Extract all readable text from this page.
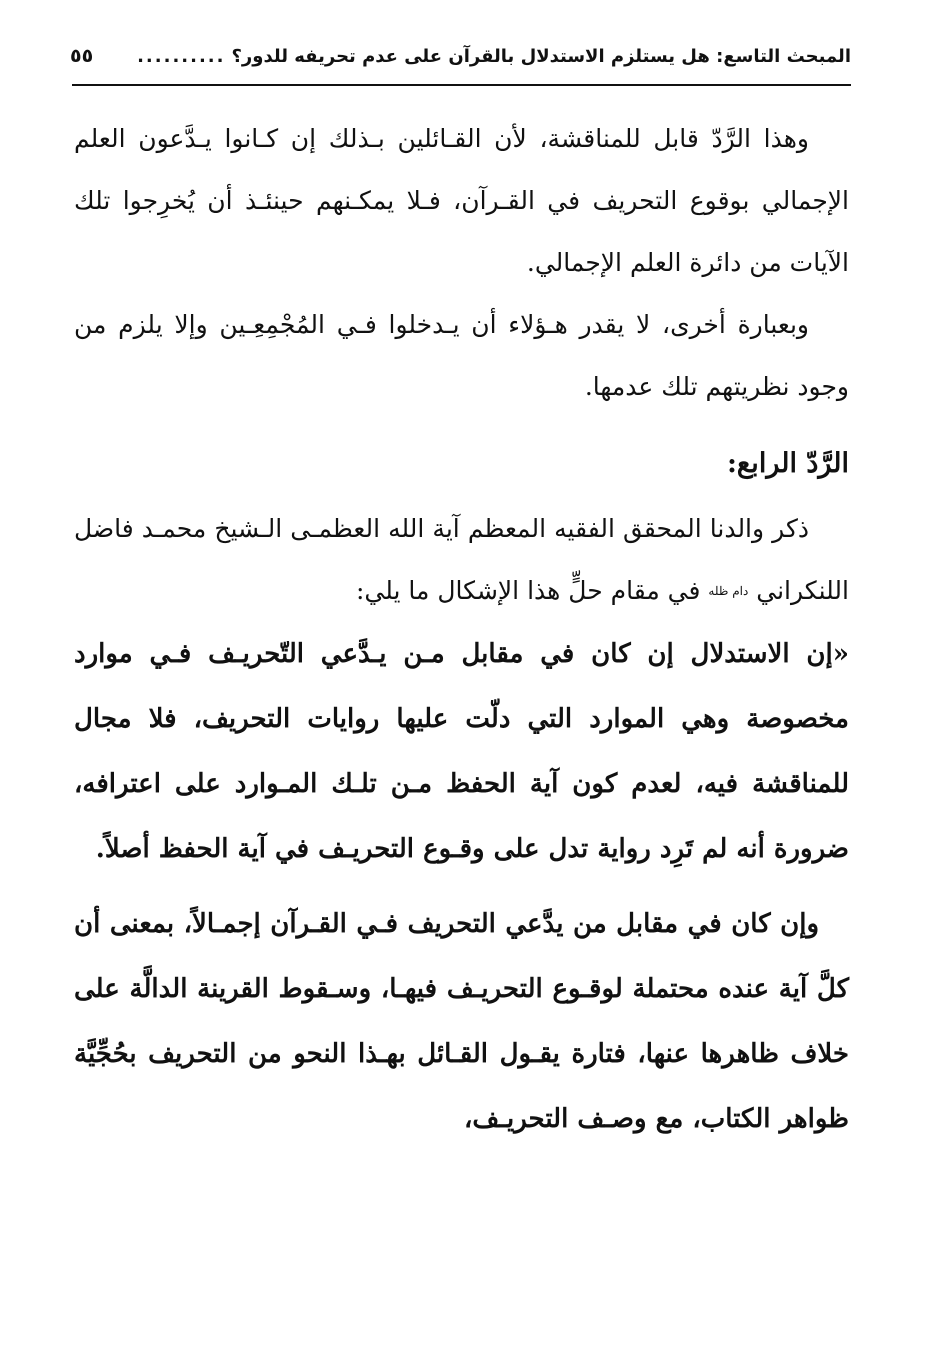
المبحث التاسع: هل يستلزم الاستدلال بالقرآن على عدم تحريفه للدور؟
..........
٥٥

وهذا الرَّدّ قابل للمناقشة، لأن القـائلين بـذلك إن كـانوا يـدَّعون العلم الإجمالي بوقوع التحريف في القـرآن، فـلا يمكـنهم حينئـذ أن يُخرِجوا تلك الآيات من دائرة العلم الإجمالي.

وبعبارة أخرى، لا يقدر هـؤلاء أن يـدخلوا فـي المُجْمِعِـين وإلا يلزم من وجود نظريتهم تلك عدمها.

الرَّدّ الرابع:

ذكر والدنا المحقق الفقيه المعظم آية الله العظمـى الـشيخ محمـد فاضل اللنكراني دام ظله في مقام حلٍّ هذا الإشكال ما يلي:

«إن الاستدلال إن كان في مقابل مـن يـدَّعي التّحريـف فـي موارد مخصوصة وهي الموارد التي دلّت عليها روايات التحريف، فلا مجال للمناقشة فيه، لعدم كون آية الحفظ مـن تلـك المـوارد على اعترافه، ضرورة أنه لم تَرِد رواية تدل على وقـوع التحريـف في آية الحفظ أصلاً.

وإن كان في مقابل من يدَّعي التحريف فـي القـرآن إجمـالاً، بمعنى أن كلَّ آية عنده محتملة لوقـوع التحريـف فيهـا، وسـقوط القرينة الدالَّة على خلاف ظاهرها عنها، فتارة يقـول القـائل بهـذا النحو من التحريف بحُجِّيَّة ظواهر الكتاب، مع وصـف التحريـف،
